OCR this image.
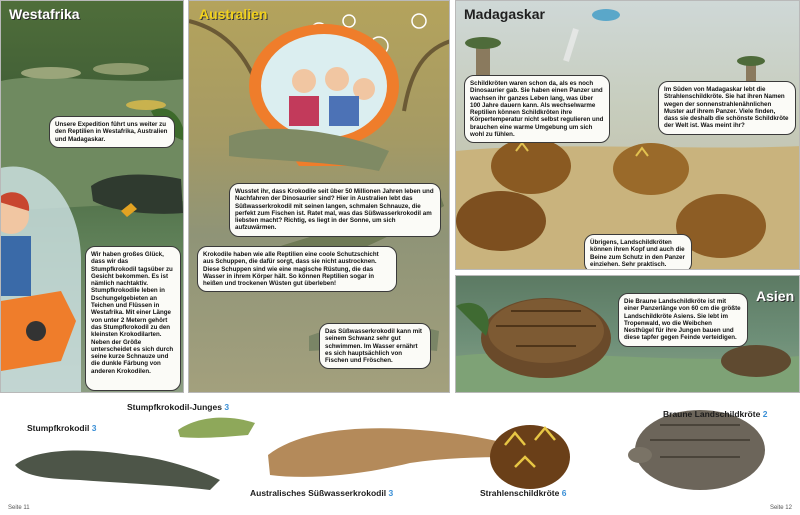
Westafrika
Unsere Expedition führt uns weiter zu den Reptilien in Westafrika, Australien und Madagaskar.
Wir haben großes Glück, dass wir das Stumpfkrokodil tagsüber zu Gesicht bekommen. Es ist nämlich nachtaktiv. Stumpfkrokodile leben in Dschungelgebieten an Teichen und Flüssen in Westafrika. Mit einer Länge von unter 2 Metern gehört das Stumpfkrokodil zu den kleinsten Krokodilarten. Neben der Größe unterscheidet es sich durch seine kurze Schnauze und die dunkle Färbung von anderen Krokodilen.
Australien
Wusstet ihr, dass Krokodile seit über 50 Millionen Jahren leben und Nachfahren der Dinosaurier sind? Hier in Australien lebt das Süßwasserkrokodil mit seinen langen, schmalen Schnauze, die perfekt zum Fischen ist. Ratet mal, was das Süßwasserkrokodil am liebsten macht? Richtig, es liegt in der Sonne, um sich aufzuwärmen.
Krokodile haben wie alle Reptilien eine coole Schutzschicht aus Schuppen, die dafür sorgt, dass sie nicht austrocknen. Diese Schuppen sind wie eine magische Rüstung, die das Wasser in ihrem Körper hält. So können Reptilien sogar in heißen und trockenen Wüsten gut überleben!
Das Süßwasserkrokodil kann mit seinem Schwanz sehr gut schwimmen. Im Wasser ernährt es sich hauptsächlich von Fischen und Fröschen.
Madagaskar
Schildkröten waren schon da, als es noch Dinosaurier gab. Sie haben einen Panzer und wachsen ihr ganzes Leben lang, was über 100 Jahre dauern kann. Als wechselwarme Reptilien können Schildkröten ihre Körpertemperatur nicht selbst regulieren und brauchen eine warme Umgebung um sich wohl zu fühlen.
Im Süden von Madagaskar lebt die Strahlenschildkröte. Sie hat ihren Namen wegen der sonnenstrahlenähnlichen Muster auf ihrem Panzer. Viele finden, dass sie deshalb die schönste Schildkröte der Welt ist. Was meint ihr?
Übrigens, Landschildkröten können ihren Kopf und auch die Beine zum Schutz in den Panzer einziehen. Sehr praktisch.
Asien
Die Braune Landschildkröte ist mit einer Panzerlänge von 60 cm die größte Landschildkröte Asiens. Sie lebt im Tropenwald, wo die Weibchen Nesthügel für ihre Jungen bauen und diese tapfer gegen Feinde verteidigen.
Stumpfkrokodil-Junges 3
Stumpfkrokodil 3
Australisches Süßwasserkrokodil 3	Strahlenschildkröte 6
Braune Landschildkröte 2
Seite 11	Seite 12
